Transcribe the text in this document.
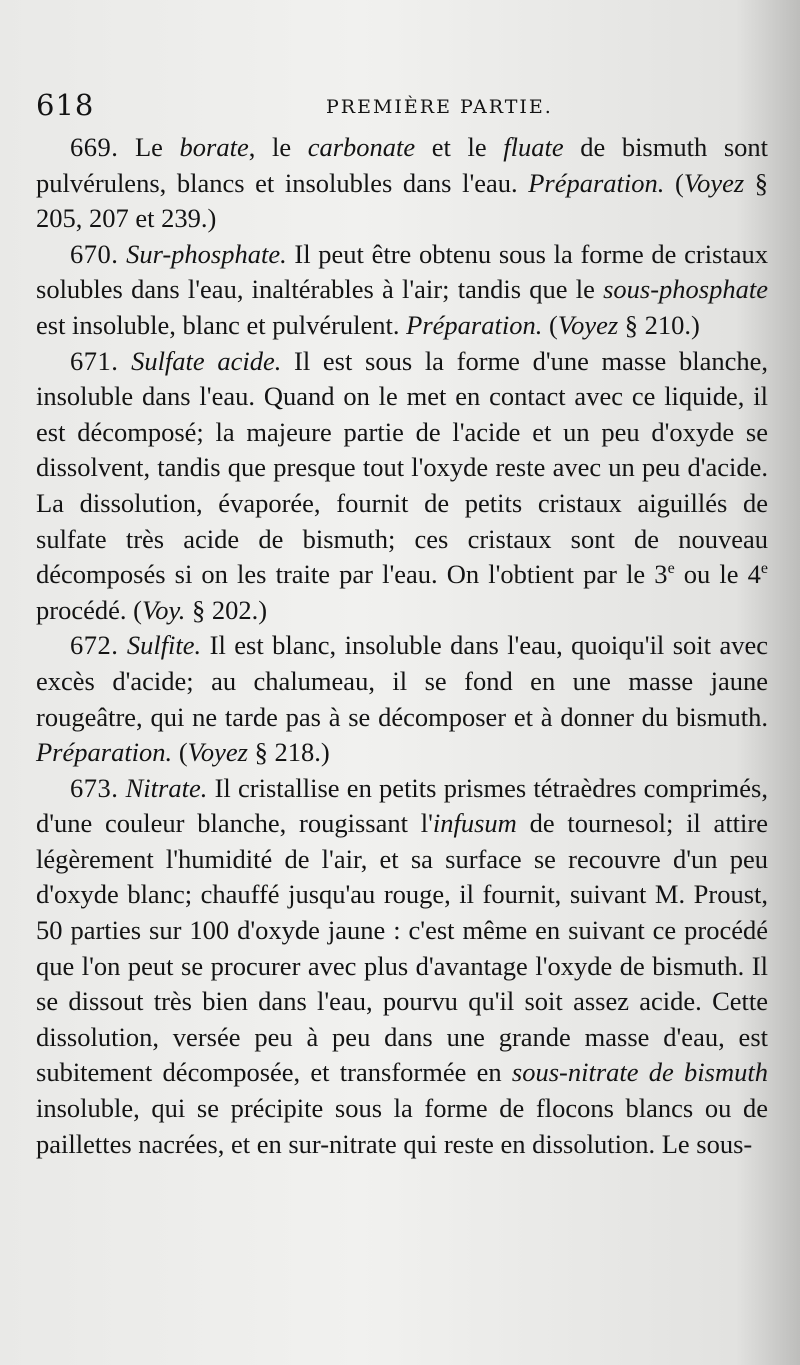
618	PREMIÈRE PARTIE.

669. Le borate, le carbonate et le fluate de bismuth sont pulvérulens, blancs et insolubles dans l'eau. Préparation. (Voyez § 205, 207 et 239.)

670. Sur-phosphate. Il peut être obtenu sous la forme de cristaux solubles dans l'eau, inaltérables à l'air; tandis que le sous-phosphate est insoluble, blanc et pulvérulent. Préparation. (Voyez § 210.)

671. Sulfate acide. Il est sous la forme d'une masse blanche, insoluble dans l'eau. Quand on le met en contact avec ce liquide, il est décomposé; la majeure partie de l'acide et un peu d'oxyde se dissolvent, tandis que presque tout l'oxyde reste avec un peu d'acide. La dissolution, évaporée, fournit de petits cristaux aiguillés de sulfate très acide de bismuth; ces cristaux sont de nouveau décomposés si on les traite par l'eau. On l'obtient par le 3e ou le 4e procédé. (Voy. § 202.)

672. Sulfite. Il est blanc, insoluble dans l'eau, quoiqu'il soit avec excès d'acide; au chalumeau, il se fond en une masse jaune rougeâtre, qui ne tarde pas à se décomposer et à donner du bismuth. Préparation. (Voyez § 218.)

673. Nitrate. Il cristallise en petits prismes tétraèdres comprimés, d'une couleur blanche, rougissant l'infusum de tournesol; il attire légèrement l'humidité de l'air, et sa surface se recouvre d'un peu d'oxyde blanc; chauffé jusqu'au rouge, il fournit, suivant M. Proust, 50 parties sur 100 d'oxyde jaune : c'est même en suivant ce procédé que l'on peut se procurer avec plus d'avantage l'oxyde de bismuth. Il se dissout très bien dans l'eau, pourvu qu'il soit assez acide. Cette dissolution, versée peu à peu dans une grande masse d'eau, est subitement décomposée, et transformée en sous-nitrate de bismuth insoluble, qui se précipite sous la forme de flocons blancs ou de paillettes nacrées, et en sur-nitrate qui reste en dissolution. Le sous-
